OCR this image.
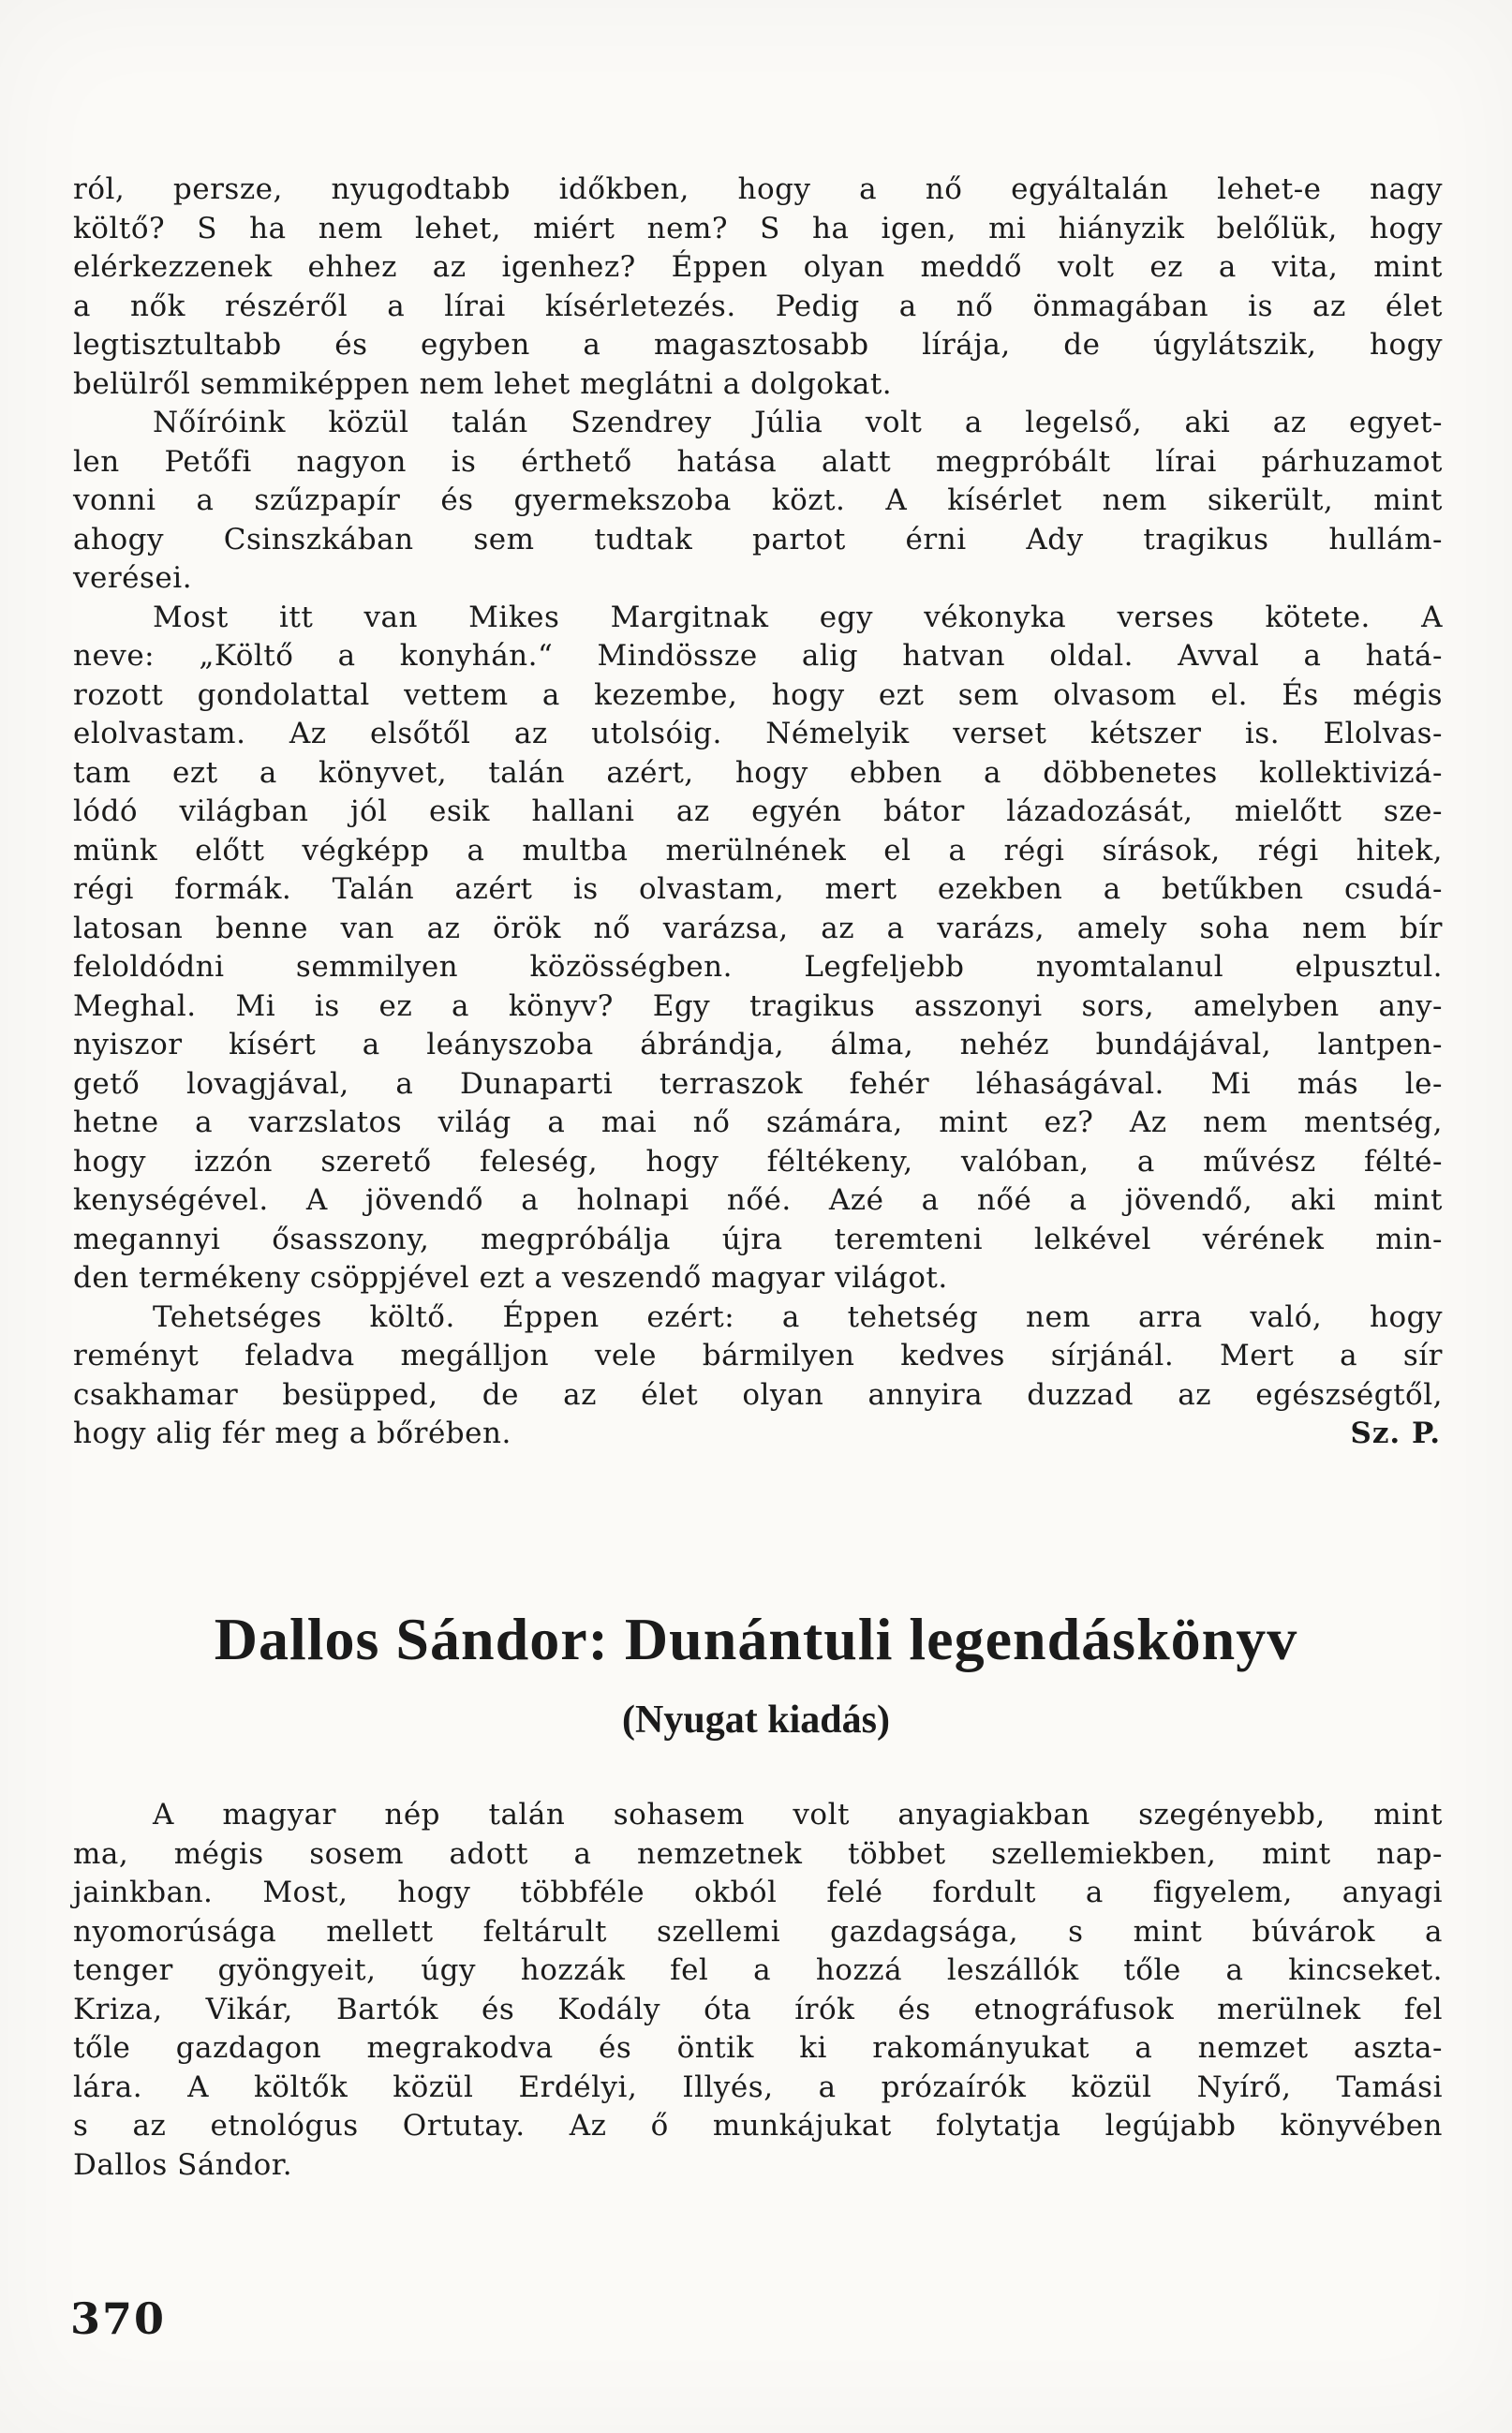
ról, persze, nyugodtabb időkben, hogy a nő egyáltalán lehet-e nagy
költő? S ha nem lehet, miért nem? S ha igen, mi hiányzik belőlük, hogy
elérkezzenek ehhez az igenhez? Éppen olyan meddő volt ez a vita, mint
a nők részéről a lírai kísérletezés. Pedig a nő önmagában is az élet
legtisztultabb és egyben a magasztosabb lírája, de úgylátszik, hogy
belülről semmiképpen nem lehet meglátni a dolgokat.
Nőíróink közül talán Szendrey Júlia volt a legelső, aki az egyet-
len Petőfi nagyon is érthető hatása alatt megpróbált lírai párhuzamot
vonni a szűzpapír és gyermekszoba közt. A kísérlet nem sikerült, mint
ahogy Csinszkában sem tudtak partot érni Ady tragikus hullám-
verései.
Most itt van Mikes Margitnak egy vékonyka verses kötete. A
neve: „Költő a konyhán.“ Mindössze alig hatvan oldal. Avval a hatá-
rozott gondolattal vettem a kezembe, hogy ezt sem olvasom el. És mégis
elolvastam. Az elsőtől az utolsóig. Némelyik verset kétszer is. Elolvas-
tam ezt a könyvet, talán azért, hogy ebben a döbbenetes kollektivizá-
lódó világban jól esik hallani az egyén bátor lázadozását, mielőtt sze-
münk előtt végképp a multba merülnének el a régi sírások, régi hitek,
régi formák. Talán azért is olvastam, mert ezekben a betűkben csudá-
latosan benne van az örök nő varázsa, az a varázs, amely soha nem bír
feloldódni semmilyen közösségben. Legfeljebb nyomtalanul elpusztul.
Meghal. Mi is ez a könyv? Egy tragikus asszonyi sors, amelyben any-
nyiszor kísért a leányszoba ábrándja, álma, nehéz bundájával, lantpen-
gető lovagjával, a Dunaparti terraszok fehér léhaságával. Mi más le-
hetne a varzslatos világ a mai nő számára, mint ez? Az nem mentség,
hogy izzón szerető feleség, hogy féltékeny, valóban, a művész félté-
kenységével. A jövendő a holnapi nőé. Azé a nőé a jövendő, aki mint
megannyi ősasszony, megpróbálja újra teremteni lelkével vérének min-
den termékeny csöppjével ezt a veszendő magyar világot.
Tehetséges költő. Éppen ezért: a tehetség nem arra való, hogy
reményt feladva megálljon vele bármilyen kedves sírjánál. Mert a sír
csakhamar besüpped, de az élet olyan annyira duzzad az egészségtől,
hogy alig fér meg a bőrében.	Sz. P.
Dallos Sándor: Dunántuli legendáskönyv
(Nyugat kiadás)
A magyar nép talán sohasem volt anyagiakban szegényebb, mint
ma, mégis sosem adott a nemzetnek többet szellemiekben, mint nap-
jainkban. Most, hogy többféle okból felé fordult a figyelem, anyagi
nyomorúsága mellett feltárult szellemi gazdagsága, s mint búvárok a
tenger gyöngyeit, úgy hozzák fel a hozzá leszállók tőle a kincseket.
Kriza, Vikár, Bartók és Kodály óta írók és etnográfusok merülnek fel
tőle gazdagon megrakodva és öntik ki rakományukat a nemzet aszta-
lára. A költők közül Erdélyi, Illyés, a prózaírók közül Nyírő, Tamási
s az etnológus Ortutay. Az ő munkájukat folytatja legújabb könyvében
Dallos Sándor.
370
